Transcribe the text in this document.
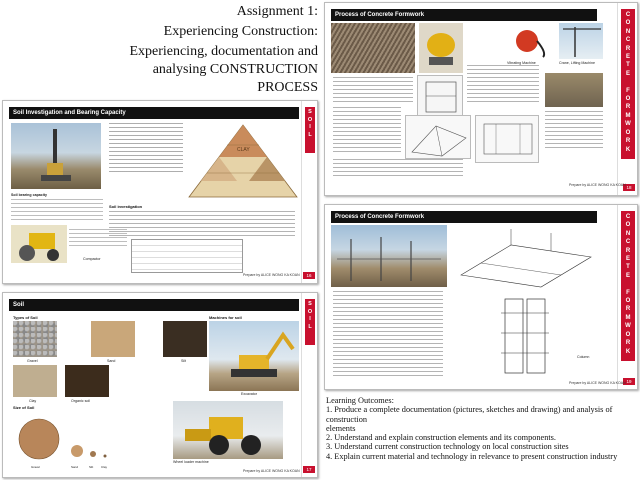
Assignment 1:
Experiencing Construction:
Experiencing, documentation and
analysing CONSTRUCTION
PROCESS
Soil Investigation and Bearing Capacity	S
O
I
L
16
Soil bearing capacity
Compactor
CLAY
Soil investigation
Prepare by ALICE WONG KA KOAN
Soil	S
O
I
L
17
Types of Soil	Machines for soil
Gravel	Sand	Silt
Clay	Organic soil
Size of Soil
Gravel	Sand	Silt	Clay
Excavator
Wheel loader machine
Prepare by ALICE WONG KA KOAN
Process of Concrete Formwork	C
O
N
C
R
E
T
E

F
O
R
M
W
O
R
K
18
Vibrating Machine	Crane, Lifting Machine
Prepare by ALICE WONG KA KOAN
Process of Concrete Formwork	C
O
N
C
R
E
T
E

F
O
R
M
W
O
R
K
19
Column
Prepare by ALICE WONG KA KOAN
Learning Outcomes:

1. Produce a complete documentation (pictures, sketches and drawing) and analysis of construction

elements

2. Understand and explain construction elements and its components.

3. Understand current construction technology on local construction sites

4. Explain current material and technology in relevance to present construction industry
